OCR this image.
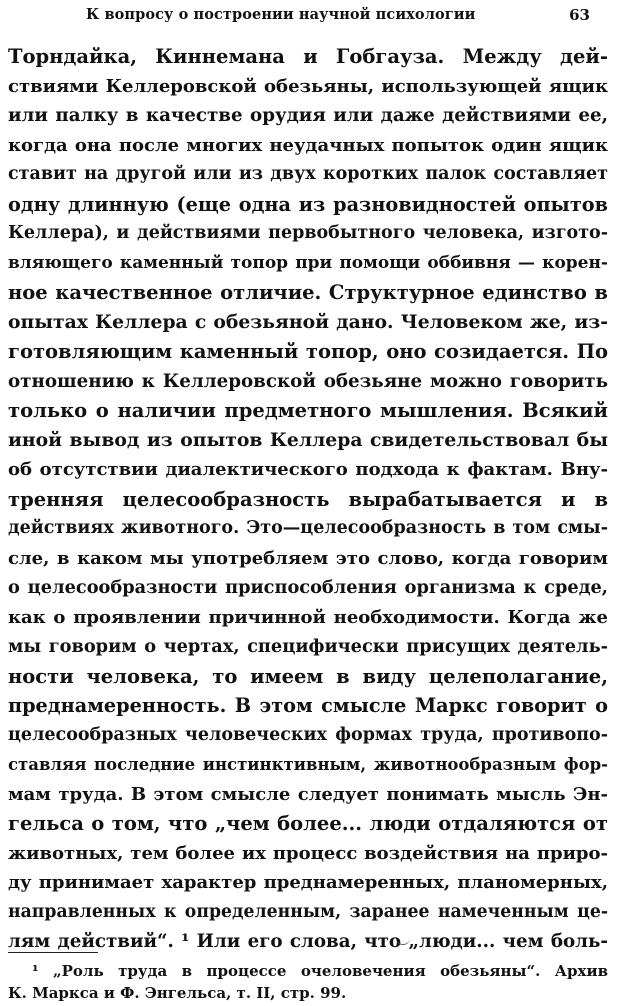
К вопросу о построении научной психологии	63
Торндайка, Киннемана и Гобгауза. Между дей-
ствиями Келлеровской обезьяны, использующей ящик
или палку в качестве орудия или даже действиями ее,
когда она после многих неудачных попыток один ящик
ставит на другой или из двух коротких палок составляет
одну длинную (еще одна из разновидностей опытов
Келлера), и действиями первобытного человека, изгото-
вляющего каменный топор при помощи оббивня — корен-
ное качественное отличие. Структурное единство в
опытах Келлера с обезьяной дано. Человеком же, из-
готовляющим каменный топор, оно созидается. По
отношению к Келлеровской обезьяне можно говорить
только о наличии предметного мышления. Всякий
иной вывод из опытов Келлера свидетельствовал бы
об отсутствии диалектического подхода к фактам. Вну-
тренняя целесообразность вырабатывается и в
действиях животного. Это—целесообразность в том смы-
сле, в каком мы употребляем это слово, когда говорим
о целесообразности приспособления организма к среде,
как о проявлении причинной необходимости. Когда же
мы говорим о чертах, специфически присущих деятель-
ности человека, то имеем в виду целеполагание,
преднамеренность. В этом смысле Маркс говорит о
целесообразных человеческих формах труда, противопо-
ставляя последние инстинктивным, животнообразным фор-
мам труда. В этом смысле следует понимать мысль Эн-
гельса о том, что „чем более... люди отдаляются от
животных, тем более их процесс воздействия на приро-
ду принимает характер преднамеренных, планомерных,
направленных к определенным, заранее намеченным це-
лям действий“. ¹ Или его слова, что „люди... чем боль-
¹ „Роль труда в процессе очеловечения обезьяны“. Архив
К. Маркса и Ф. Энгельса, т. II, стр. 99.
